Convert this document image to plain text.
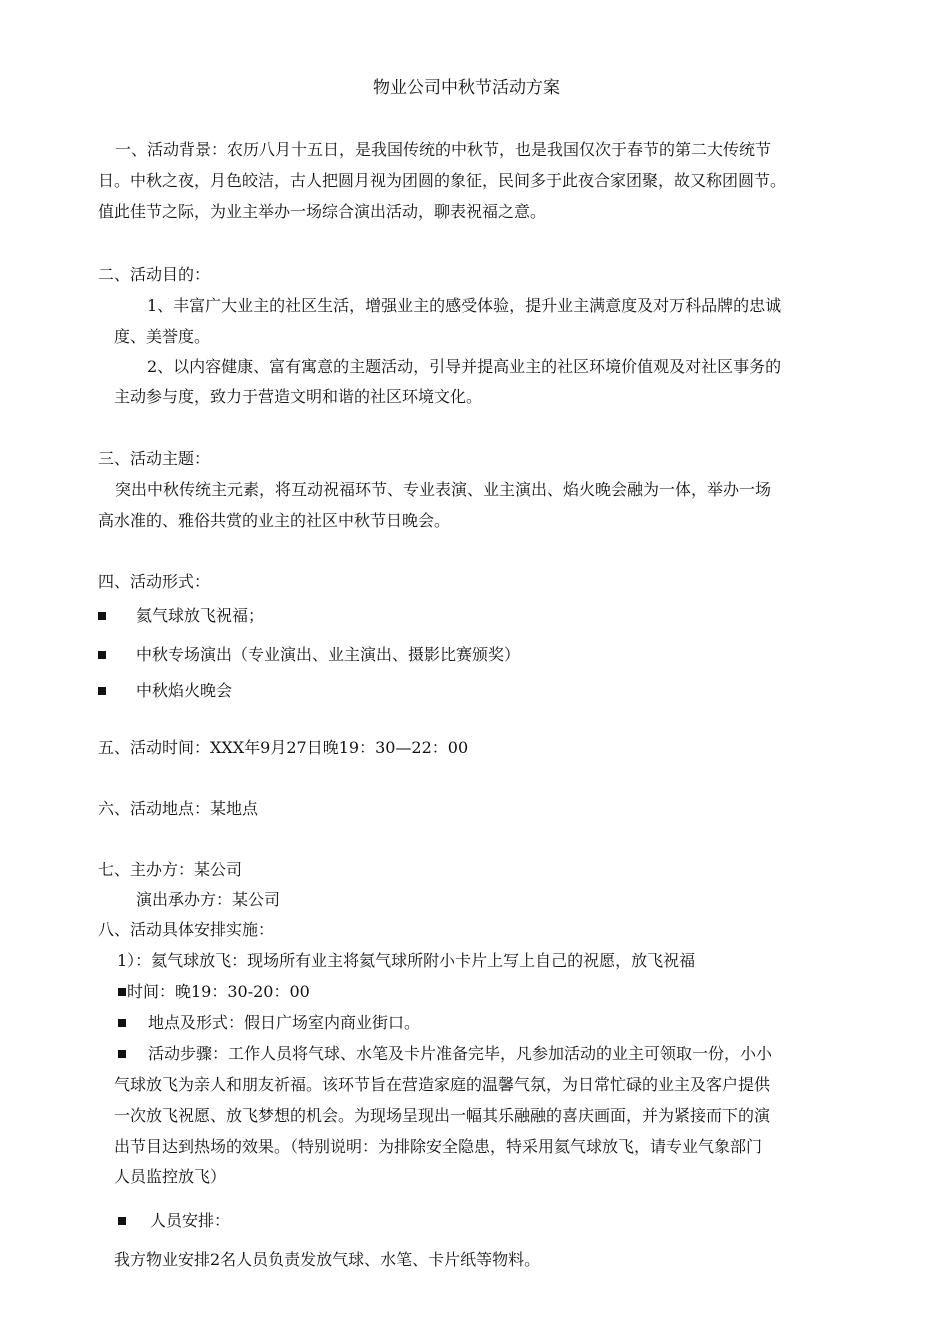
物业公司中秋节活动方案
一、活动背景：农历八月十五日，是我国传统的中秋节，也是我国仅次于春节的第二大传统节
日。中秋之夜，月色皎洁，古人把圆月视为团圆的象征，民间多于此夜合家团聚，故又称团圆节。
值此佳节之际，为业主举办一场综合演出活动，聊表祝福之意。
二、活动目的：
1、丰富广大业主的社区生活，增强业主的感受体验，提升业主满意度及对万科品牌的忠诚
度、美誉度。
2、以内容健康、富有寓意的主题活动，引导并提高业主的社区环境价值观及对社区事务的
主动参与度，致力于营造文明和谐的社区环境文化。
三、活动主题：
突出中秋传统主元素，将互动祝福环节、专业表演、业主演出、焰火晚会融为一体，举办一场
高水准的、雅俗共赏的业主的社区中秋节日晚会。
四、活动形式：
氦气球放飞祝福；
中秋专场演出（专业演出、业主演出、摄影比赛颁奖）
中秋焰火晚会
五、活动时间：XXX年9月27日晚19：30—22：00
六、活动地点：某地点
七、主办方：某公司
演出承办方：某公司
八、活动具体安排实施：
1）：氦气球放飞：现场所有业主将氦气球所附小卡片上写上自己的祝愿，放飞祝福
时间：晚19：30-20：00
地点及形式：假日广场室内商业街口。
活动步骤：工作人员将气球、水笔及卡片准备完毕，凡参加活动的业主可领取一份，小小
气球放飞为亲人和朋友祈福。该环节旨在营造家庭的温馨气氛，为日常忙碌的业主及客户提供
一次放飞祝愿、放飞梦想的机会。为现场呈现出一幅其乐融融的喜庆画面，并为紧接而下的演
出节目达到热场的效果。（特别说明：为排除安全隐患，特采用氦气球放飞，请专业气象部门
人员监控放飞）
人员安排：
我方物业安排2名人员负责发放气球、水笔、卡片纸等物料。
